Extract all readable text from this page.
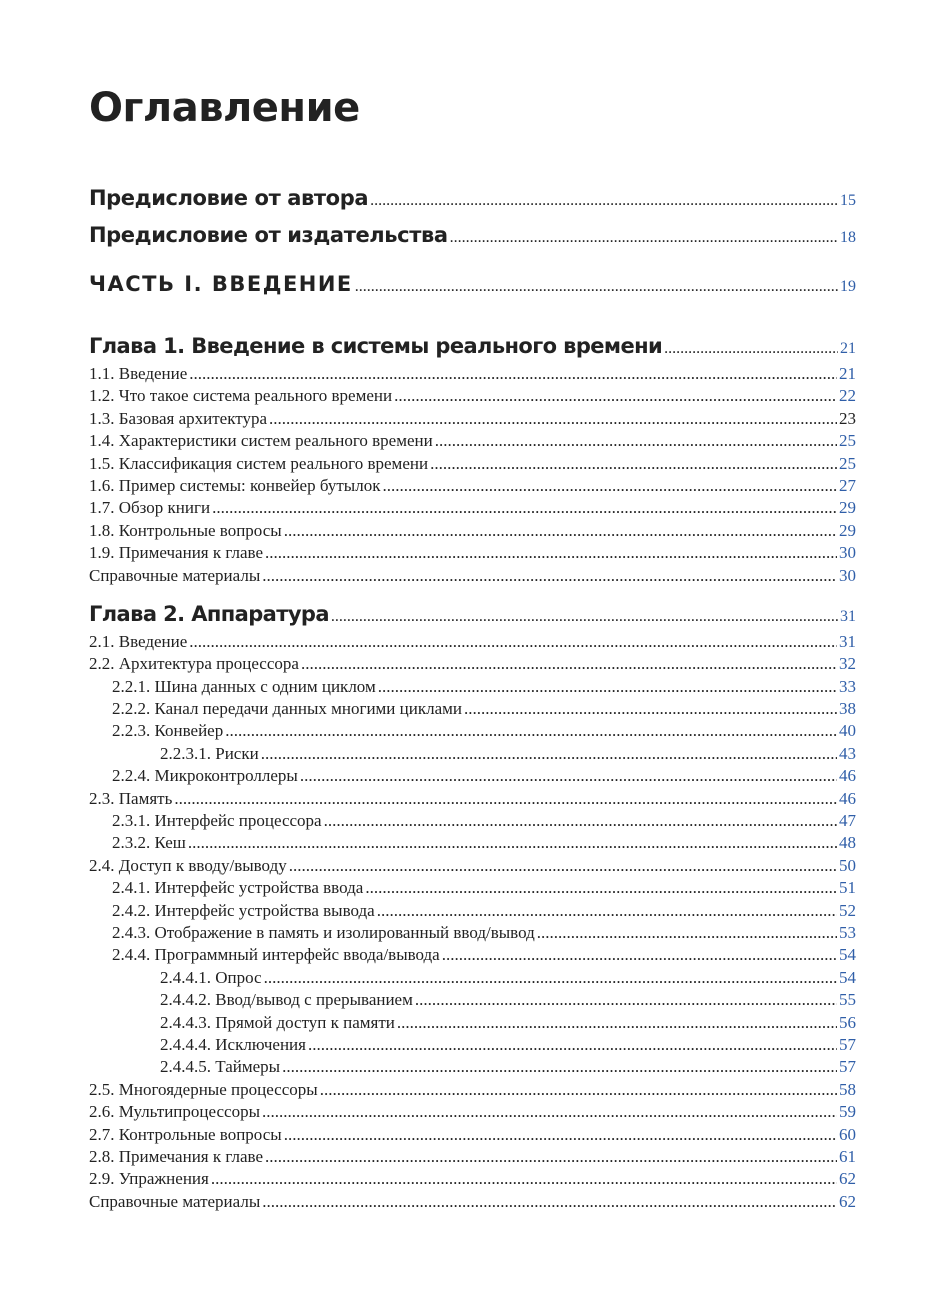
Оглавление
Предисловие от автора .....	15
Предисловие от издательства .....	18
ЧАСТЬ I. ВВЕДЕНИЕ .....	19
Глава 1. Введение в системы реального времени .....	21
1.1. Введение .....	21
1.2. Что такое система реального времени .....	22
1.3. Базовая архитектура .....	23
1.4. Характеристики систем реального времени .....	25
1.5. Классификация систем реального времени .....	25
1.6. Пример системы: конвейер бутылок .....	27
1.7. Обзор книги .....	29
1.8. Контрольные вопросы .....	29
1.9. Примечания к главе .....	30
Справочные материалы .....	30
Глава 2. Аппаратура .....	31
2.1. Введение .....	31
2.2. Архитектура процессора .....	32
2.2.1. Шина данных с одним циклом .....	33
2.2.2. Канал передачи данных многими циклами .....	38
2.2.3. Конвейер .....	40
2.2.3.1. Риски .....	43
2.2.4. Микроконтроллеры .....	46
2.3. Память .....	46
2.3.1. Интерфейс процессора .....	47
2.3.2. Кеш .....	48
2.4. Доступ к вводу/выводу .....	50
2.4.1. Интерфейс устройства ввода .....	51
2.4.2. Интерфейс устройства вывода .....	52
2.4.3. Отображение в память и изолированный ввод/вывод .....	53
2.4.4. Программный интерфейс ввода/вывода .....	54
2.4.4.1. Опрос .....	54
2.4.4.2. Ввод/вывод с прерыванием .....	55
2.4.4.3. Прямой доступ к памяти .....	56
2.4.4.4. Исключения .....	57
2.4.4.5. Таймеры .....	57
2.5. Многоядерные процессоры .....	58
2.6. Мультипроцессоры .....	59
2.7. Контрольные вопросы .....	60
2.8. Примечания к главе .....	61
2.9. Упражнения .....	62
Справочные материалы .....	62
